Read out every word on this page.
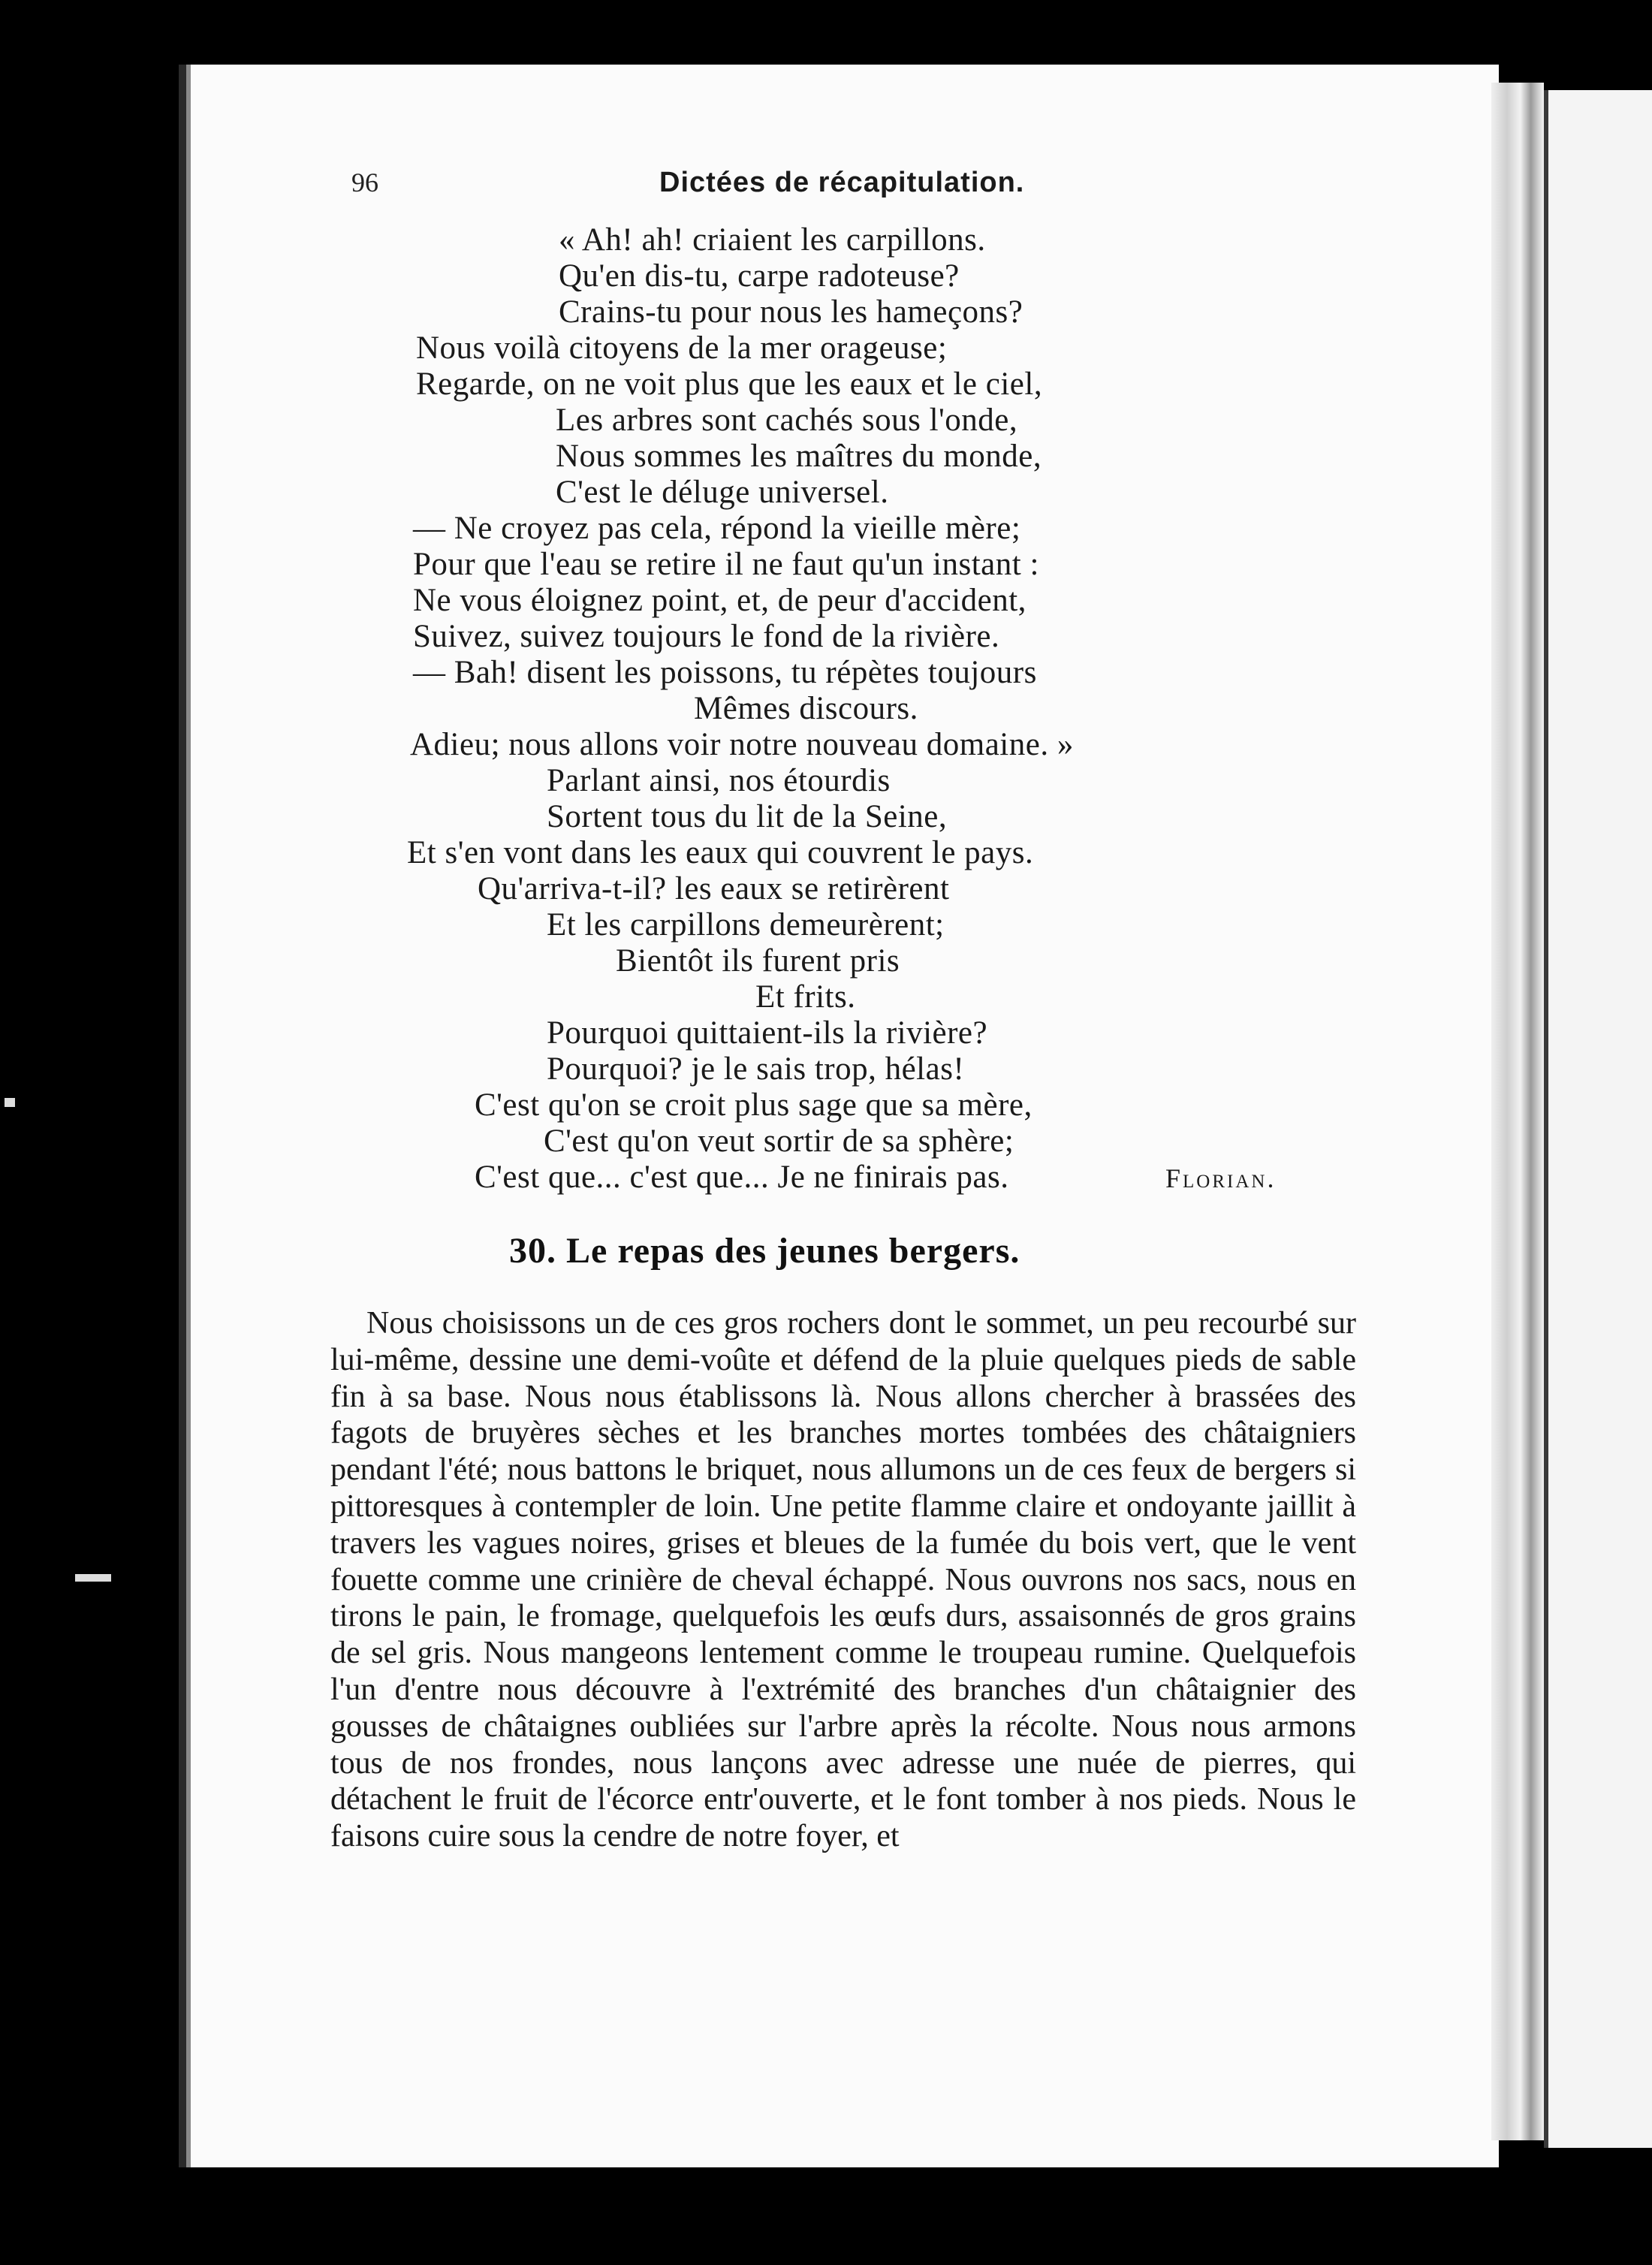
96	Dictées de récapitulation.
« Ah! ah! criaient les carpillons.
Qu'en dis-tu, carpe radoteuse?
Crains-tu pour nous les hameçons?
Nous voilà citoyens de la mer orageuse;
Regarde, on ne voit plus que les eaux et le ciel,
Les arbres sont cachés sous l'onde,
Nous sommes les maîtres du monde,
C'est le déluge universel.
— Ne croyez pas cela, répond la vieille mère;
Pour que l'eau se retire il ne faut qu'un instant :
Ne vous éloignez point, et, de peur d'accident,
Suivez, suivez toujours le fond de la rivière.
— Bah! disent les poissons, tu répètes toujours
Mêmes discours.
Adieu; nous allons voir notre nouveau domaine. »
Parlant ainsi, nos étourdis
Sortent tous du lit de la Seine,
Et s'en vont dans les eaux qui couvrent le pays.
Qu'arriva-t-il? les eaux se retirèrent
Et les carpillons demeurèrent;
Bientôt ils furent pris
Et frits.
Pourquoi quittaient-ils la rivière?
Pourquoi? je le sais trop, hélas!
C'est qu'on se croit plus sage que sa mère,
C'est qu'on veut sortir de sa sphère;
C'est que... c'est que... Je ne finirais pas.	Florian.
30. Le repas des jeunes bergers.
Nous choisissons un de ces gros rochers dont le sommet, un peu recourbé sur lui-même, dessine une demi-voûte et défend de la pluie quelques pieds de sable fin à sa base. Nous nous établissons là. Nous allons chercher à brassées des fagots de bruyères sèches et les branches mortes tombées des châtaigniers pendant l'été; nous battons le briquet, nous allumons un de ces feux de bergers si pittoresques à contempler de loin. Une petite flamme claire et ondoyante jaillit à travers les vagues noires, grises et bleues de la fumée du bois vert, que le vent fouette comme une crinière de cheval échappé. Nous ouvrons nos sacs, nous en tirons le pain, le fromage, quelquefois les œufs durs, assaisonnés de gros grains de sel gris. Nous mangeons lentement comme le troupeau rumine. Quelquefois l'un d'entre nous découvre à l'extrémité des branches d'un châtaignier des gousses de châtaignes oubliées sur l'arbre après la récolte. Nous nous armons tous de nos frondes, nous lançons avec adresse une nuée de pierres, qui détachent le fruit de l'écorce entr'ouverte, et le font tomber à nos pieds. Nous le faisons cuire sous la cendre de notre foyer, et
